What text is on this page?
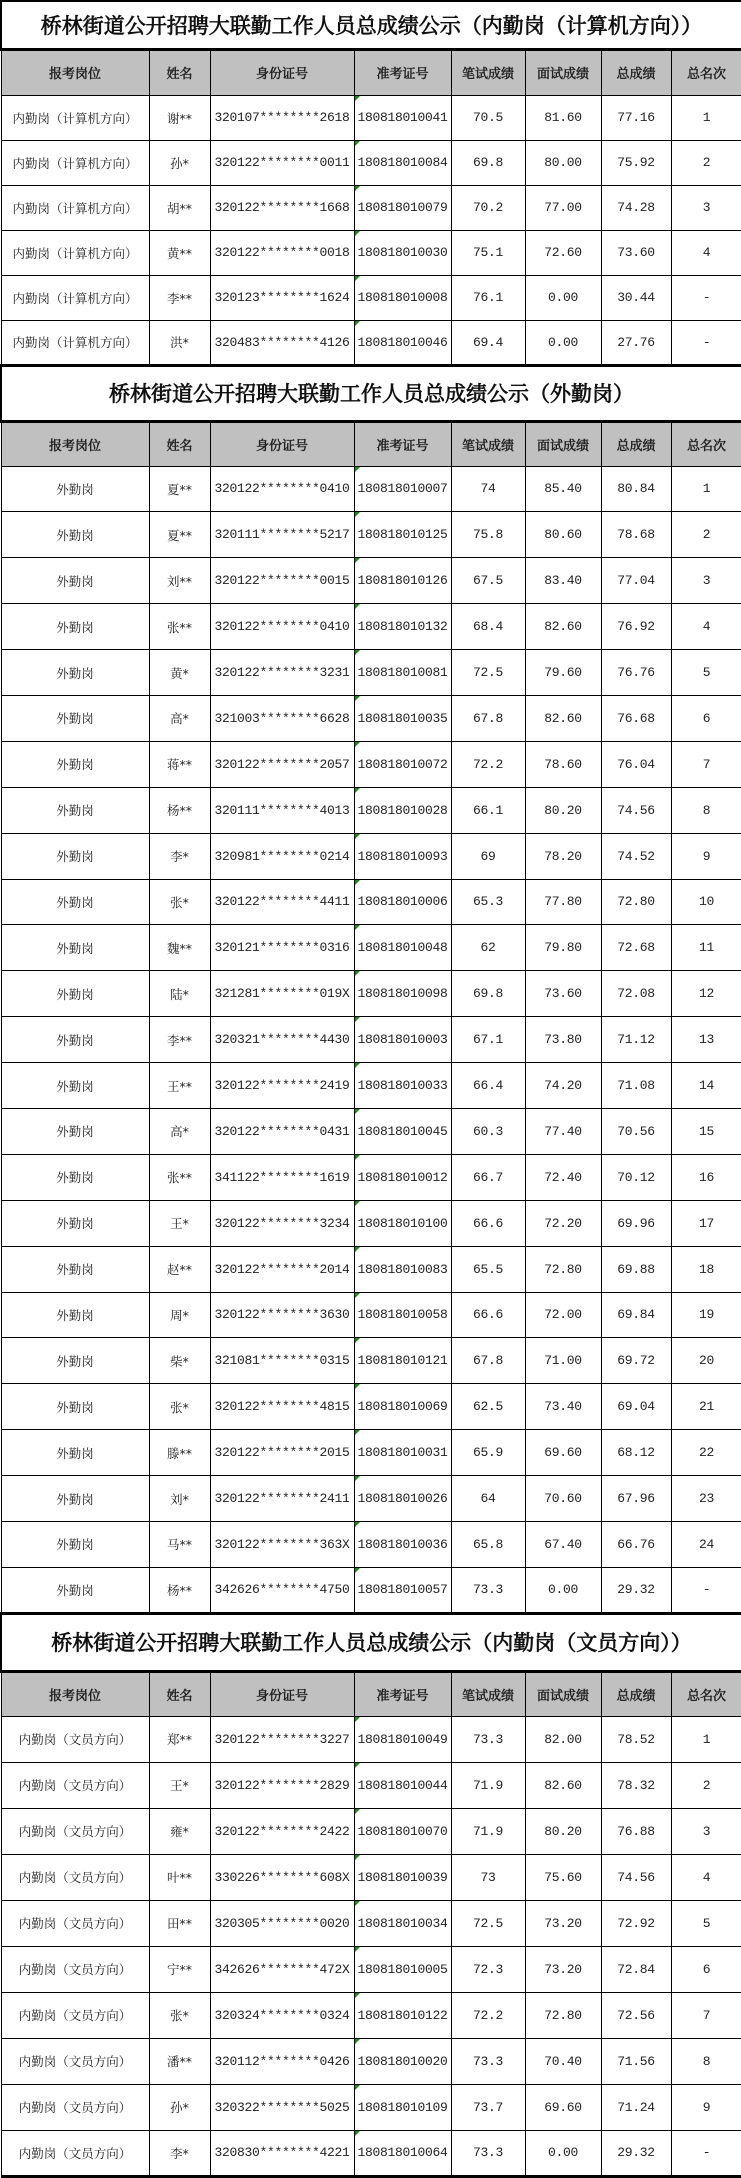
桥林街道公开招聘大联勤工作人员总成绩公示（内勤岗（计算机方向））							
报考岗位	姓名	身份证号	准考证号	笔试成绩	面试成绩	总成绩	总名次
内勤岗（计算机方向）	谢**	320107********2618	180818010041	70.5	81.60	77.16	1
内勤岗（计算机方向）	孙*	320122********0011	180818010084	69.8	80.00	75.92	2
内勤岗（计算机方向）	胡**	320122********1668	180818010079	70.2	77.00	74.28	3
内勤岗（计算机方向）	黄**	320122********0018	180818010030	75.1	72.60	73.60	4
内勤岗（计算机方向）	李**	320123********1624	180818010008	76.1	0.00	30.44	-
内勤岗（计算机方向）	洪*	320483********4126	180818010046	69.4	0.00	27.76	-
桥林街道公开招聘大联勤工作人员总成绩公示（外勤岗）							
报考岗位	姓名	身份证号	准考证号	笔试成绩	面试成绩	总成绩	总名次
外勤岗	夏**	320122********0410	180818010007	74	85.40	80.84	1
外勤岗	夏**	320111********5217	180818010125	75.8	80.60	78.68	2
外勤岗	刘**	320122********0015	180818010126	67.5	83.40	77.04	3
外勤岗	张**	320122********0410	180818010132	68.4	82.60	76.92	4
外勤岗	黄*	320122********3231	180818010081	72.5	79.60	76.76	5
外勤岗	高*	321003********6628	180818010035	67.8	82.60	76.68	6
外勤岗	蒋**	320122********2057	180818010072	72.2	78.60	76.04	7
外勤岗	杨**	320111********4013	180818010028	66.1	80.20	74.56	8
外勤岗	李*	320981********0214	180818010093	69	78.20	74.52	9
外勤岗	张*	320122********4411	180818010006	65.3	77.80	72.80	10
外勤岗	魏**	320121********0316	180818010048	62	79.80	72.68	11
外勤岗	陆*	321281********019X	180818010098	69.8	73.60	72.08	12
外勤岗	李**	320321********4430	180818010003	67.1	73.80	71.12	13
外勤岗	王**	320122********2419	180818010033	66.4	74.20	71.08	14
外勤岗	高*	320122********0431	180818010045	60.3	77.40	70.56	15
外勤岗	张**	341122********1619	180818010012	66.7	72.40	70.12	16
外勤岗	王*	320122********3234	180818010100	66.6	72.20	69.96	17
外勤岗	赵**	320122********2014	180818010083	65.5	72.80	69.88	18
外勤岗	周*	320122********3630	180818010058	66.6	72.00	69.84	19
外勤岗	柴*	321081********0315	180818010121	67.8	71.00	69.72	20
外勤岗	张*	320122********4815	180818010069	62.5	73.40	69.04	21
外勤岗	滕**	320122********2015	180818010031	65.9	69.60	68.12	22
外勤岗	刘*	320122********2411	180818010026	64	70.60	67.96	23
外勤岗	马**	320122********363X	180818010036	65.8	67.40	66.76	24
外勤岗	杨**	342626********4750	180818010057	73.3	0.00	29.32	-
桥林街道公开招聘大联勤工作人员总成绩公示（内勤岗（文员方向））							
报考岗位	姓名	身份证号	准考证号	笔试成绩	面试成绩	总成绩	总名次
内勤岗（文员方向）	郑**	320122********3227	180818010049	73.3	82.00	78.52	1
内勤岗（文员方向）	王*	320122********2829	180818010044	71.9	82.60	78.32	2
内勤岗（文员方向）	雍*	320122********2422	180818010070	71.9	80.20	76.88	3
内勤岗（文员方向）	叶**	330226********608X	180818010039	73	75.60	74.56	4
内勤岗（文员方向）	田**	320305********0020	180818010034	72.5	73.20	72.92	5
内勤岗（文员方向）	宁**	342626********472X	180818010005	72.3	73.20	72.84	6
内勤岗（文员方向）	张*	320324********0324	180818010122	72.2	72.80	72.56	7
内勤岗（文员方向）	潘**	320112********0426	180818010020	73.3	70.40	71.56	8
内勤岗（文员方向）	孙*	320322********5025	180818010109	73.7	69.60	71.24	9
内勤岗（文员方向）	李*	320830********4221	180818010064	73.3	0.00	29.32	-
